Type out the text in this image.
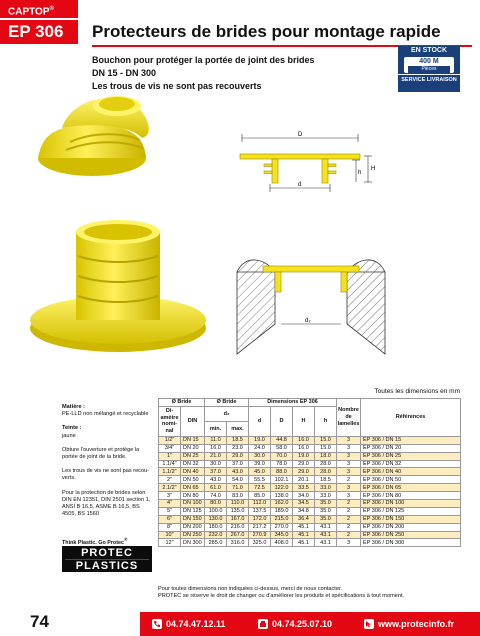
CAPTOP®
EP 306	Protecteurs de brides pour montage rapide
Bouchon pour protéger la portée de joint des brides
DN 15 - DN 300
Les trous de vis ne sont pas recouverts
EN STOCK
400 M
Pièces
SERVICE LIVRAISON
D
d
H
h
d₂
Toutes les dimensions en mm
Matière :
PE-LLD non mélangé et recyclable
Teinte :
jaune
Obture l'ouverture et protège la portée de joint de la bride.
Les trous de vis ne sont pas recou- verts.
Pour la protection de brides selon DIN EN 12351, DIN 2501 section 1, ANSI B 16,5, ASME B 16,5, BS 4505, BS 1560
Think Plastic. Go Protec®
PROTEC
PLASTICS
Ø Bride		Ø Bride		Dimensions EP 306				Nombre de lamelles	Références
Di-amètre nomi-nal	DIN	d₂		d	D	H	h		
		min.	max.						
1/2"	DN 15	11.0	18.5	19.0	44.8	16.0	15.0	3	EP 306 / DN 15
3/4"	DN 20	16.0	23.0	24.0	58.0	16.0	15.0	3	EP 306 / DN 20
1"	DN 25	21.0	29.0	30.0	70.0	19.0	18.0	3	EP 306 / DN 25
1.1/4"	DN 32	30.0	37.0	39.0	78.0	29.0	28.0	3	EP 306 / DN 32
1.1/2"	DN 40	37.0	43.0	45.0	88.0	29.0	28.0	3	EP 306 / DN 40
2"	DN 50	43.0	54.0	55.5	102.1	20.1	18.5	2	EP 306 / DN 50
2.1/2"	DN 65	61.0	71.0	72.5	122.0	33.5	33.0	3	EP 306 / DN 65
3"	DN 80	74.0	83.0	85.0	138.0	34.0	33.0	3	EP 306 / DN 80
4"	DN 100	80.0	110.0	112.0	162.0	34.5	35.0	2	EP 306 / DN 100
5"	DN 125	100.0	135.0	137.5	189.0	34.8	35.0	2	EP 306 / DN 125
6"	DN 150	130.0	167.0	172.0	215.0	36.4	35.0	2	EP 306 / DN 150
8"	DN 200	180.0	216.0	217.2	270.0	45.1	43.1	2	EP 306 / DN 200
10"	DN 250	232.0	267.0	270.9	345.0	45.1	43.1	2	EP 306 / DN 250
12"	DN 300	285.0	316.0	325.0	408.0	45.1	43.1	3	EP 306 / DN 300
Pour toutes dimensions non indiquées ci-dessus, merci de nous contacter.
PROTEC se réserve le droit de changer ou d'améliorer les produits et spécifications à tout moment.
74	04.74.47.12.11	04.74.25.07.10	www.protecinfo.fr
